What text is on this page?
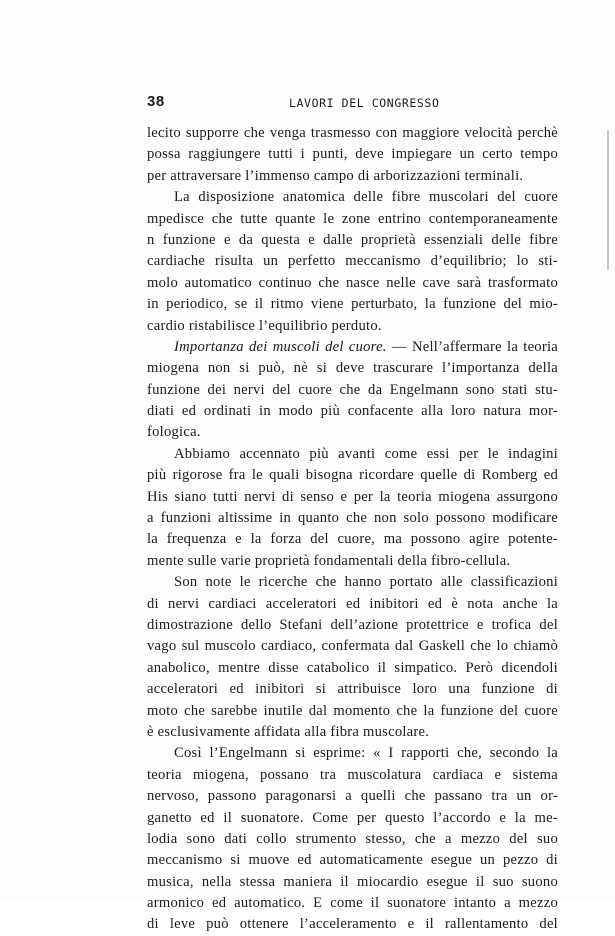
38	LAVORI DEL CONGRESSO
lecito supporre che venga trasmesso con maggiore velocità perchè
possa raggiungere tutti i punti, deve impiegare un certo tempo
per attraversare l’immenso campo di arborizzazioni terminali.
La disposizione anatomica delle fibre muscolari del cuore
mpedisce che tutte quante le zone entrino contemporaneamente
n funzione e da questa e dalle proprietà essenziali delle fibre
cardiache risulta un perfetto meccanismo d’equilibrio; lo sti-
molo automatico continuo che nasce nelle cave sarà trasformato
in periodico, se il ritmo viene perturbato, la funzione del mio-
cardio ristabilisce l’equilibrio perduto.
Importanza dei muscoli del cuore. — Nell’affermare la teoria
miogena non si può, nè si deve trascurare l’importanza della
funzione dei nervi del cuore che da Engelmann sono stati stu-
diati ed ordinati in modo più confacente alla loro natura mor-
fologica.
Abbiamo accennato più avanti come essi per le indagini
più rigorose fra le quali bisogna ricordare quelle di Romberg ed
His siano tutti nervi di senso e per la teoria miogena assurgono
a funzioni altissime in quanto che non solo possono modificare
la frequenza e la forza del cuore, ma possono agire potente-
mente sulle varie proprietà fondamentali della fibro-cellula.
Son note le ricerche che hanno portato alle classificazioni
di nervi cardiaci acceleratori ed inibitori ed è nota anche la
dimostrazione dello Stefani dell’azione protettrice e trofica del
vago sul muscolo cardiaco, confermata dal Gaskell che lo chiamò
anabolico, mentre disse catabolico il simpatico. Però dicendoli
acceleratori ed inibitori si attribuisce loro una funzione di
moto che sarebbe inutile dal momento che la funzione del cuore
è esclusivamente affidata alla fibra muscolare.
Così l’Engelmann si esprime: « I rapporti che, secondo la
teoria miogena, possano tra muscolatura cardiaca e sistema
nervoso, passono paragonarsi a quelli che passano tra un or-
ganetto ed il suonatore. Come per questo l’accordo e la me-
lodia sono dati collo strumento stesso, che a mezzo del suo
meccanismo si muove ed automaticamente esegue un pezzo di
musica, nella stessa maniera il miocardio esegue il suo suono
armonico ed automatico. E come il suonatore intanto a mezzo
di leve può ottenere l’acceleramento e il rallentamento del
